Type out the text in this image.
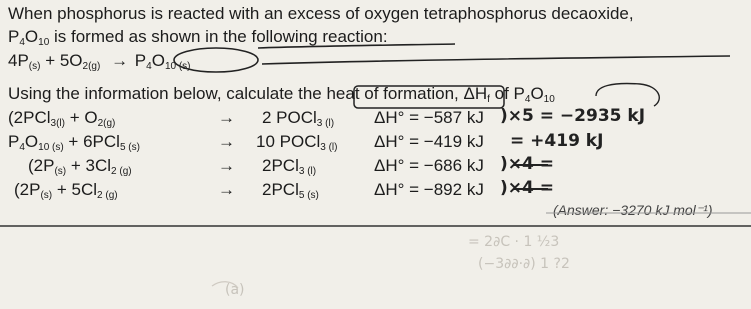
When phosphorus is reacted with an excess of oxygen tetraphosphorus decaoxide,
$P_4O_{10}$ is formed as shown in the following reaction:
$4P_{(s)} + 5O_{2(g)} \to P_4O_{10 (s)}$
Using the information below, calculate the heat of formation, $\Delta H_f$ of $P_4O_{10}$
($2PCl_{3(l)} + O_{2(g)}$	→ 2 POCl$_{3 (l)}$ ΔH° = −587 kJ )×5 = −2935 kJ
$P_4O_{10 (s)} + 6PCl_{5 (s)}$	→ 10 POCl$_{3 (l)}$ ΔH° = −419 kJ = +419 kJ
($2P_{(s)} + 3Cl_{2 (g)}$	→ 2PCl$_{3 (l)}$	ΔH° = −686 kJ )×4 =
($2P_{(s)} + 5Cl_{2 (g)}$	→ 2PCl$_{5 (s)}$	ΔH° = −892 kJ )×4 =
(Answer: −3270 kJ mol⁻¹)
= 2∂C · 1 ½3
(−3∂∂·∂) 1 ?2
(a)
